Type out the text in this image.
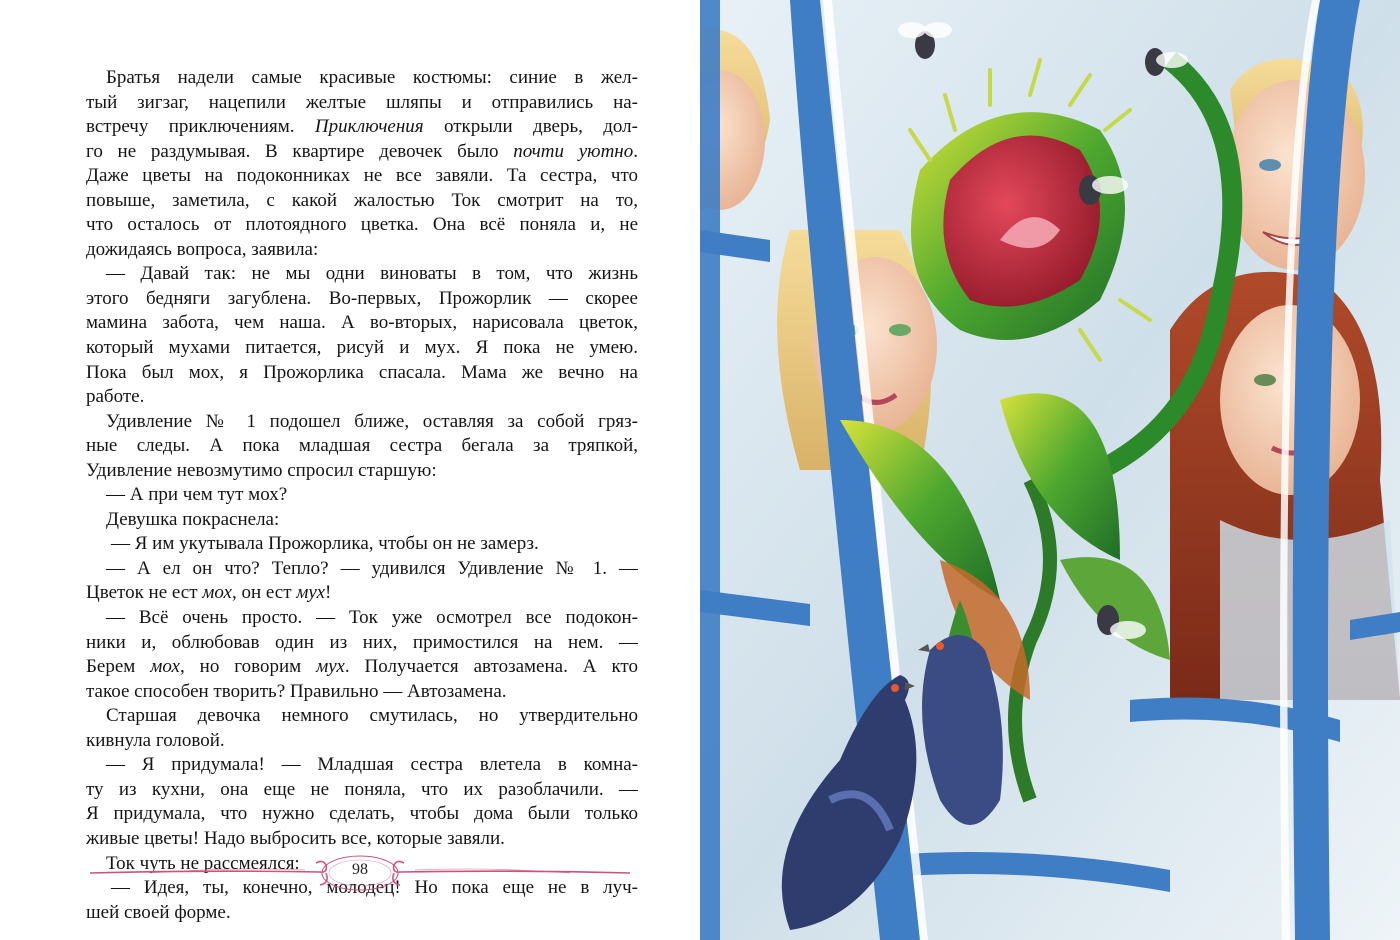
Братья надели самые красивые костюмы: синие в жел-
тый зигзаг, нацепили желтые шляпы и отправились на-
встречу приключениям. Приключения открыли дверь, дол-
го не раздумывая. В квартире девочек было почти уютно.
Даже цветы на подоконниках не все завяли. Та сестра, что
повыше, заметила, с какой жалостью Ток смотрит на то,
что осталось от плотоядного цветка. Она всё поняла и, не
дожидаясь вопроса, заявила:
— Давай так: не мы одни виноваты в том, что жизнь
этого бедняги загублена. Во-первых, Прожорлик — скорее
мамина забота, чем наша. А во-вторых, нарисовала цветок,
который мухами питается, рисуй и мух. Я пока не умею.
Пока был мох, я Прожорлика спасала. Мама же вечно на
работе.
Удивление № 1 подошел ближе, оставляя за собой гряз-
ные следы. А пока младшая сестра бегала за тряпкой,
Удивление невозмутимо спросил старшую:
— А при чем тут мох?
Девушка покраснела:
— Я им укутывала Прожорлика, чтобы он не замерз.
— А ел он что? Тепло? — удивился Удивление № 1. —
Цветок не ест мох, он ест мух!
— Всё очень просто. — Ток уже осмотрел все подокон-
ники и, облюбовав один из них, примостился на нем. —
Берем мох, но говорим мух. Получается автозамена. А кто
такое способен творить? Правильно — Автозамена.
Старшая девочка немного смутилась, но утвердительно
кивнула головой.
— Я придумала! — Младшая сестра влетела в комна-
ту из кухни, она еще не поняла, что их разоблачили. —
Я придумала, что нужно сделать, чтобы дома были только
живые цветы! Надо выбросить все, которые завяли.
Ток чуть не рассмеялся:
— Идея, ты, конечно, молодец! Но пока еще не в луч-
шей своей форме.
98
